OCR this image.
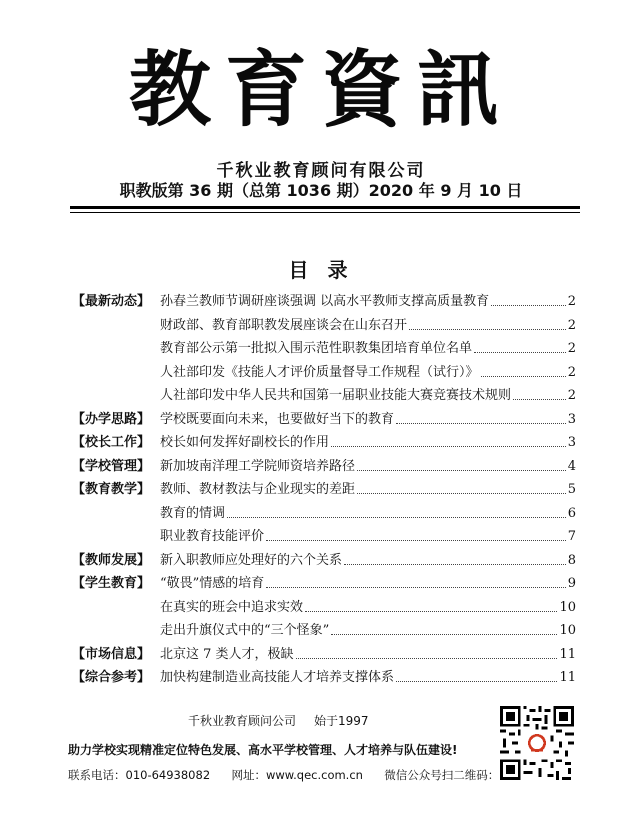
教育資訊
千秋业教育顾问有限公司
职教版第 36 期（总第 1036 期）2020 年 9 月 10 日
目 录
【最新动态】 孙春兰教师节调研座谈强调 以高水平教师支撑高质量教育	2
财政部、教育部职教发展座谈会在山东召开	2
教育部公示第一批拟入围示范性职教集团培育单位名单	2
人社部印发《技能人才评价质量督导工作规程（试行）》	2
人社部印发中华人民共和国第一届职业技能大赛竞赛技术规则	2
【办学思路】 学校既要面向未来，也要做好当下的教育	3
【校长工作】 校长如何发挥好副校长的作用	3
【学校管理】 新加坡南洋理工学院师资培养路径	4
【教育教学】 教师、教材教法与企业现实的差距	5
教育的情调	6
职业教育技能评价	7
【教师发展】 新入职教师应处理好的六个关系	8
【学生教育】 “敬畏”情感的培育	9
在真实的班会中追求实效	10
走出升旗仪式中的“三个怪象”	10
【市场信息】 北京这 7 类人才，极缺	11
【综合参考】 加快构建制造业高技能人才培养支撑体系	11
千秋业教育顾问公司 始于1997
助力学校实现精准定位特色发展、高水平学校管理、人才培养与队伍建设!
联系电话：010-64938082 网址：www.qec.com.cn 微信公众号扫二维码：
